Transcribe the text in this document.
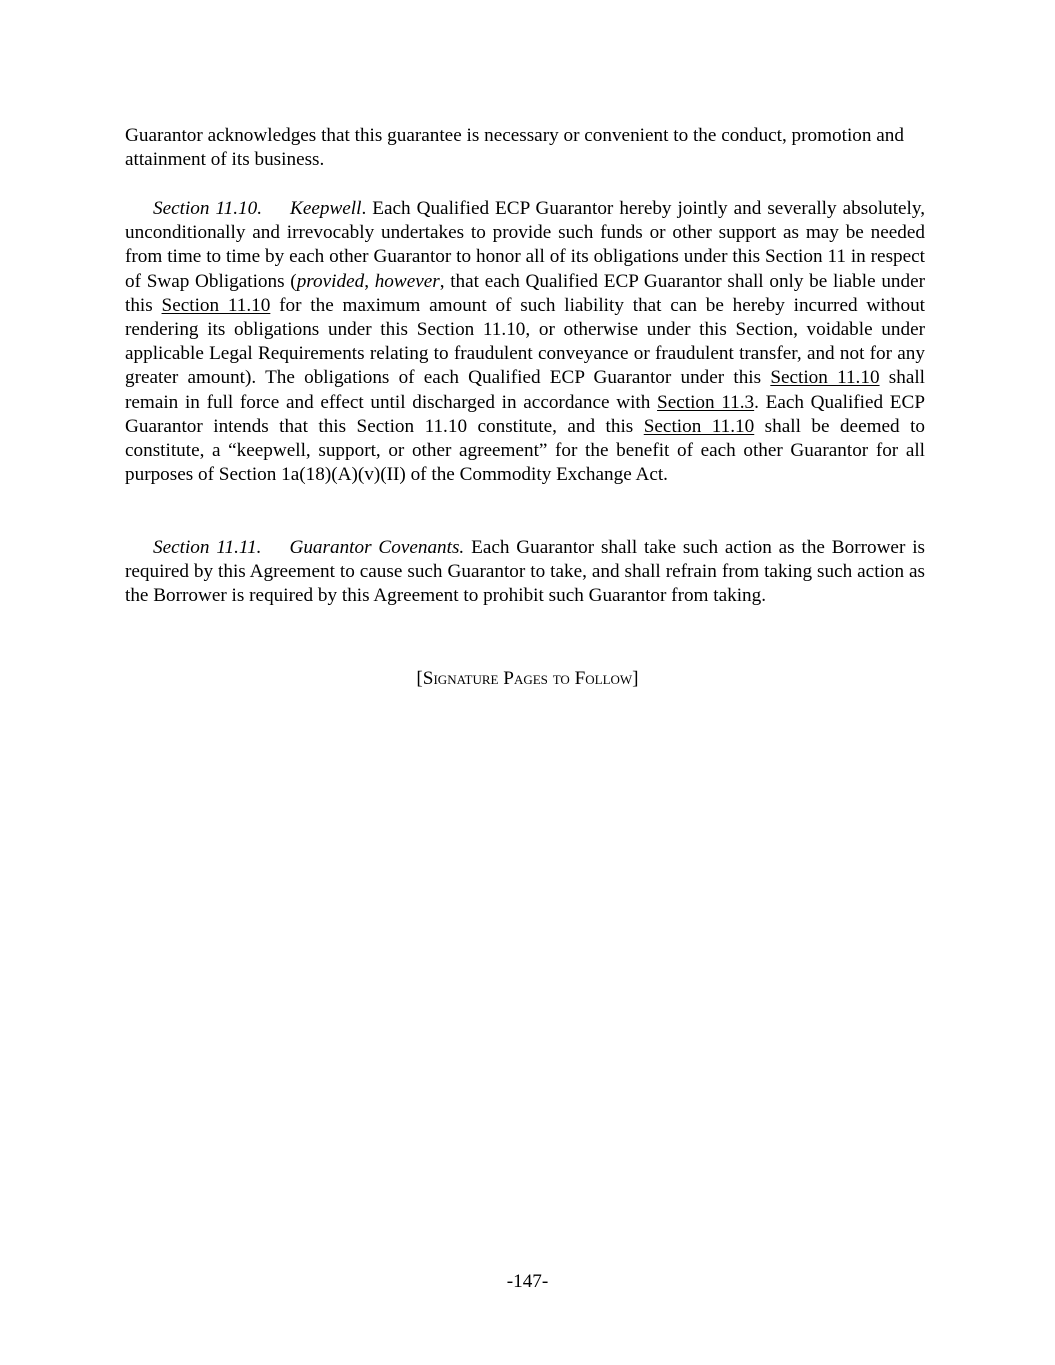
Guarantor acknowledges that this guarantee is necessary or convenient to the conduct, promotion and attainment of its business.

Section 11.10. Keepwell. Each Qualified ECP Guarantor hereby jointly and severally absolutely, unconditionally and irrevocably undertakes to provide such funds or other support as may be needed from time to time by each other Guarantor to honor all of its obligations under this Section 11 in respect of Swap Obligations (provided, however, that each Qualified ECP Guarantor shall only be liable under this Section 11.10 for the maximum amount of such liability that can be hereby incurred without rendering its obligations under this Section 11.10, or otherwise under this Section, voidable under applicable Legal Requirements relating to fraudulent conveyance or fraudulent transfer, and not for any greater amount). The obligations of each Qualified ECP Guarantor under this Section 11.10 shall remain in full force and effect until discharged in accordance with Section 11.3. Each Qualified ECP Guarantor intends that this Section 11.10 constitute, and this Section 11.10 shall be deemed to constitute, a “keepwell, support, or other agreement” for the benefit of each other Guarantor for all purposes of Section 1a(18)(A)(v)(II) of the Commodity Exchange Act.

Section 11.11. Guarantor Covenants. Each Guarantor shall take such action as the Borrower is required by this Agreement to cause such Guarantor to take, and shall refrain from taking such action as the Borrower is required by this Agreement to prohibit such Guarantor from taking.

[Signature Pages to Follow]
-147-
